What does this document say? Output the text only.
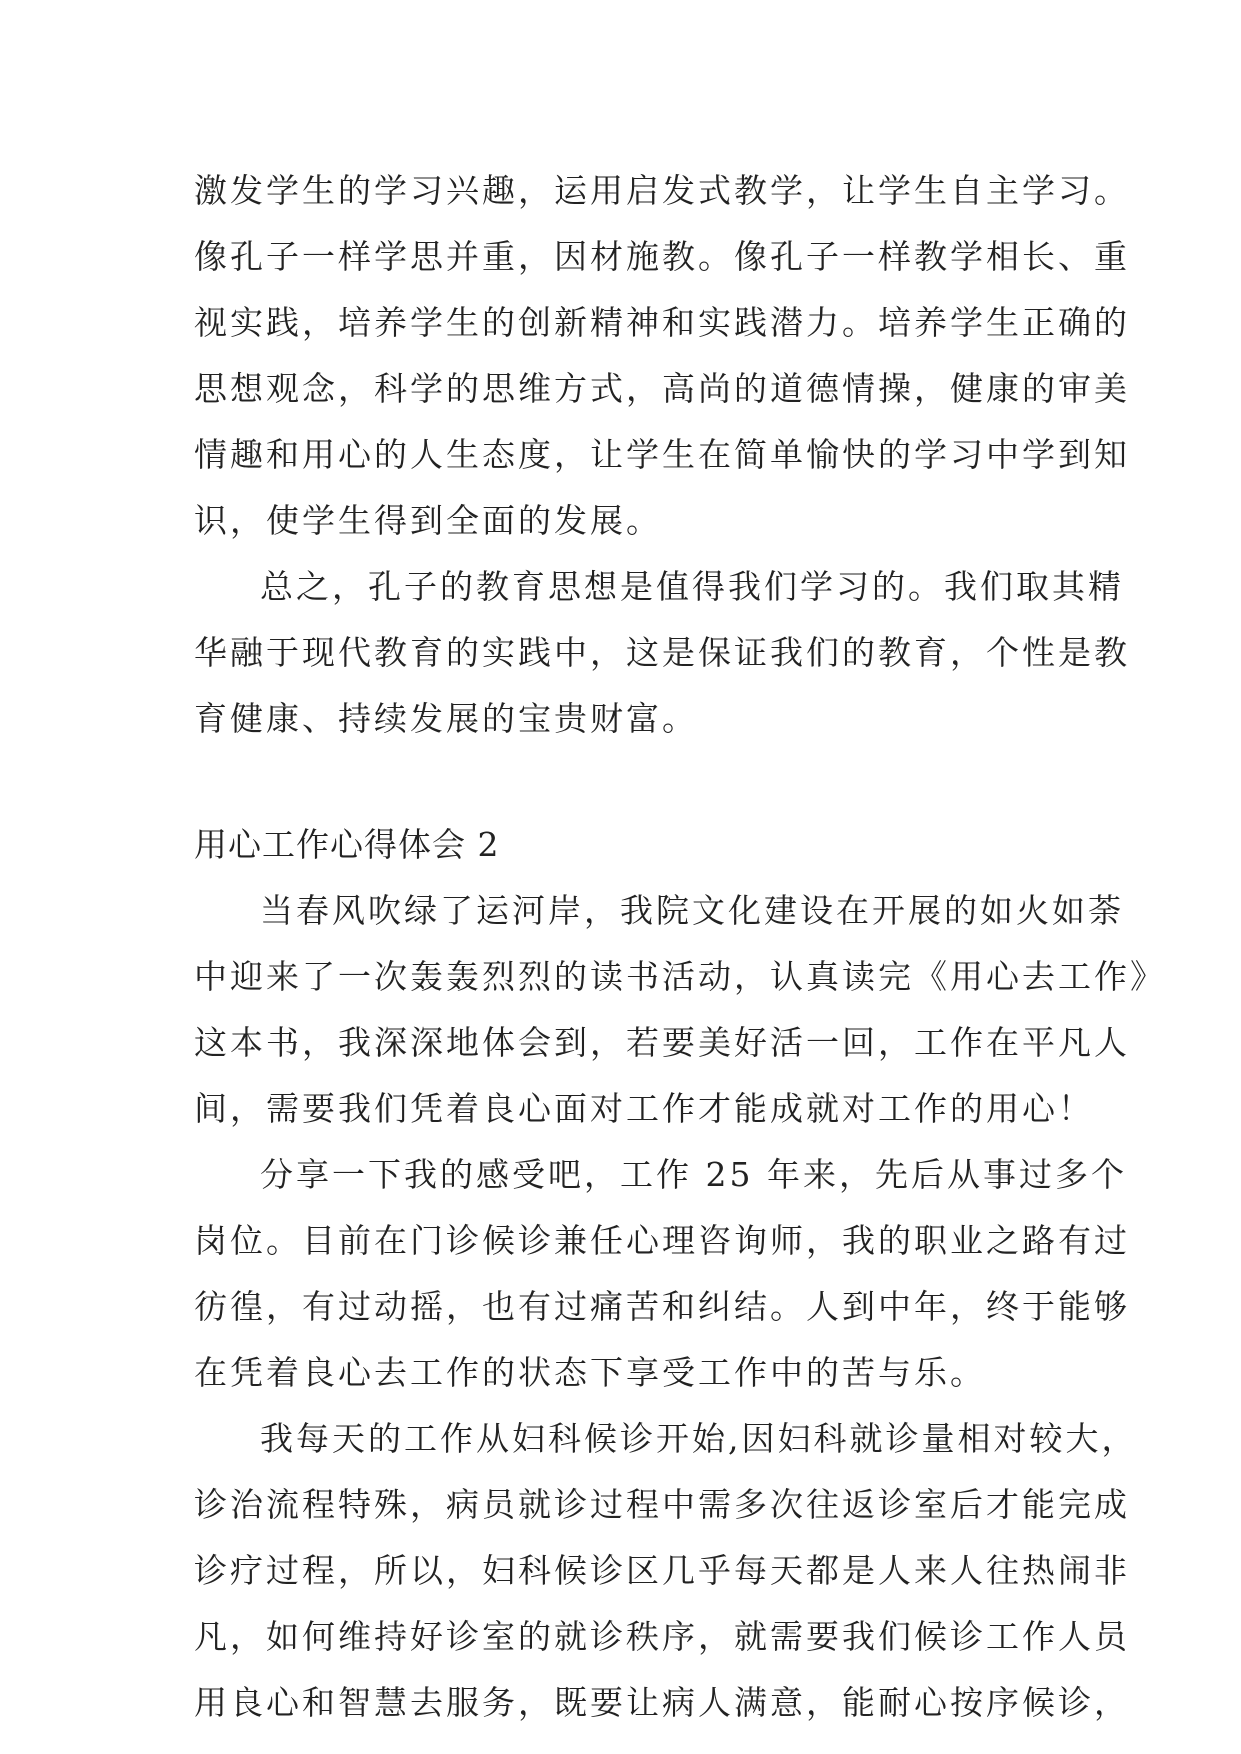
激发学生的学习兴趣，运用启发式教学，让学生自主学习。
像孔子一样学思并重，因材施教。像孔子一样教学相长、重
视实践，培养学生的创新精神和实践潜力。培养学生正确的
思想观念，科学的思维方式，高尚的道德情操，健康的审美
情趣和用心的人生态度，让学生在简单愉快的学习中学到知
识，使学生得到全面的发展。
总之，孔子的教育思想是值得我们学习的。我们取其精
华融于现代教育的实践中，这是保证我们的教育，个性是教
育健康、持续发展的宝贵财富。
用心工作心得体会 2
当春风吹绿了运河岸，我院文化建设在开展的如火如荼
中迎来了一次轰轰烈烈的读书活动，认真读完《用心去工作》
这本书，我深深地体会到，若要美好活一回，工作在平凡人
间，需要我们凭着良心面对工作才能成就对工作的用心！
分享一下我的感受吧，工作 25 年来，先后从事过多个
岗位。目前在门诊候诊兼任心理咨询师，我的职业之路有过
彷徨，有过动摇，也有过痛苦和纠结。人到中年，终于能够
在凭着良心去工作的状态下享受工作中的苦与乐。
我每天的工作从妇科候诊开始,因妇科就诊量相对较大，
诊治流程特殊，病员就诊过程中需多次往返诊室后才能完成
诊疗过程，所以，妇科候诊区几乎每天都是人来人往热闹非
凡，如何维持好诊室的就诊秩序，就需要我们候诊工作人员
用良心和智慧去服务，既要让病人满意，能耐心按序候诊，
